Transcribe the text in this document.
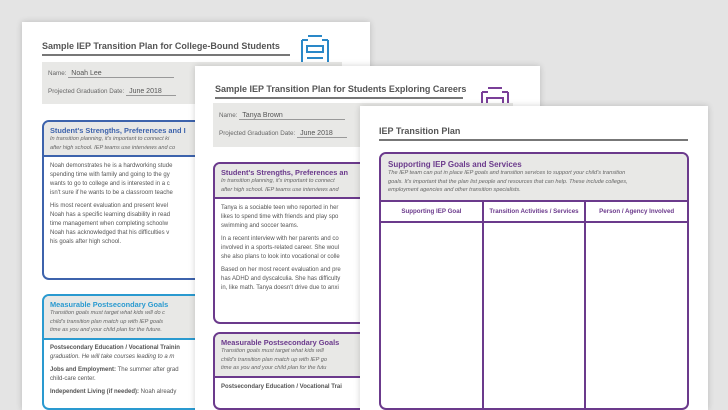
Sample IEP Transition Plan for College-Bound Students
Name: Noah Lee
Projected Graduation Date: June 2018
Student's Strengths, Preferences and I
In transition planning, it's important to connect ki
after high school. IEP teams use interviews and co

Noah demonstrates he is a hardworking stude
spending time with family and going to the gy
wants to go to college and is interested in a c
isn't sure if he wants to be a classroom teache

His most recent evaluation and present level
Noah has a specific learning disability in read
time management when completing schoolw
Noah has acknowledged that his difficulties v
his goals after high school.

Measurable Postsecondary Goals
Transition goals must target what kids will do c
child's transition plan match up with IEP goals
time as you and your child plan for the future.

Postsecondary Education / Vocational Trainin
graduation. He will take courses leading to a m

Jobs and Employment: The summer after grad
child-care center.

Independent Living (if needed): Noah already

Sample IEP Transition Plan for Students Exploring Careers
Name: Tanya Brown
Projected Graduation Date: June 2018
Student's Strengths, Preferences an
In transition planning, it's important to connect
after high school. IEP teams use interviews and

Tanya is a sociable teen who reported in her
likes to spend time with friends and play spo
swimming and soccer teams.

In a recent interview with her parents and co
involved in a sports-related career. She woul
she also plans to look into vocational or colle

Based on her most recent evaluation and pre
has ADHD and dyscalculia. She has difficulty
in, like math. Tanya doesn't drive due to anxi

Measurable Postsecondary Goals
Transition goals must target what kids will
child's transition plan match up with IEP go
time as you and your child plan for the futu

Postsecondary Education / Vocational Trai

IEP Transition Plan
Supporting IEP Goals and Services
The IEP team can put in place IEP goals and transition services to support your child's transition
goals. It's important that the plan list people and resources that can help. These include colleges,
employment agencies and other transition specialists.
Supporting IEP Goal	Transition Activities / Services	Person / Agency Involved
